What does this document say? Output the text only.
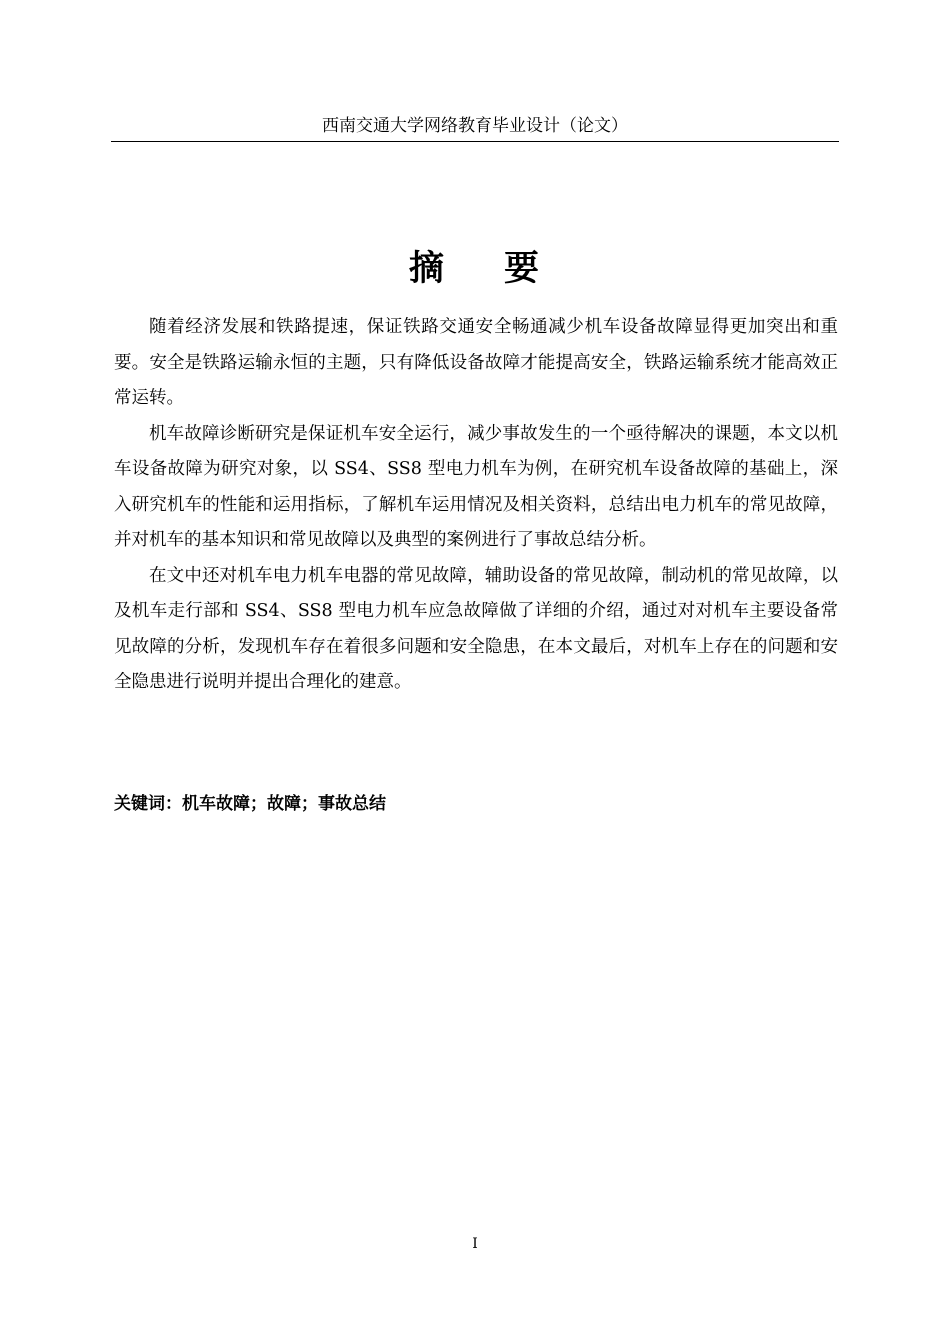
西南交通大学网络教育毕业设计（论文）
摘 要

随着经济发展和铁路提速，保证铁路交通安全畅通减少机车设备故障显得更加突出和重要。安全是铁路运输永恒的主题，只有降低设备故障才能提高安全，铁路运输系统才能高效正常运转。

机车故障诊断研究是保证机车安全运行，减少事故发生的一个亟待解决的课题，本文以机车设备故障为研究对象，以 SS4、SS8 型电力机车为例，在研究机车设备故障的基础上，深入研究机车的性能和运用指标，了解机车运用情况及相关资料，总结出电力机车的常见故障，并对机车的基本知识和常见故障以及典型的案例进行了事故总结分析。

在文中还对机车电力机车电器的常见故障，辅助设备的常见故障，制动机的常见故障，以及机车走行部和 SS4、SS8 型电力机车应急故障做了详细的介绍，通过对对机车主要设备常见故障的分析，发现机车存在着很多问题和安全隐患，在本文最后，对机车上存在的问题和安全隐患进行说明并提出合理化的建意。

关键词：机车故障；故障；事故总结
I
